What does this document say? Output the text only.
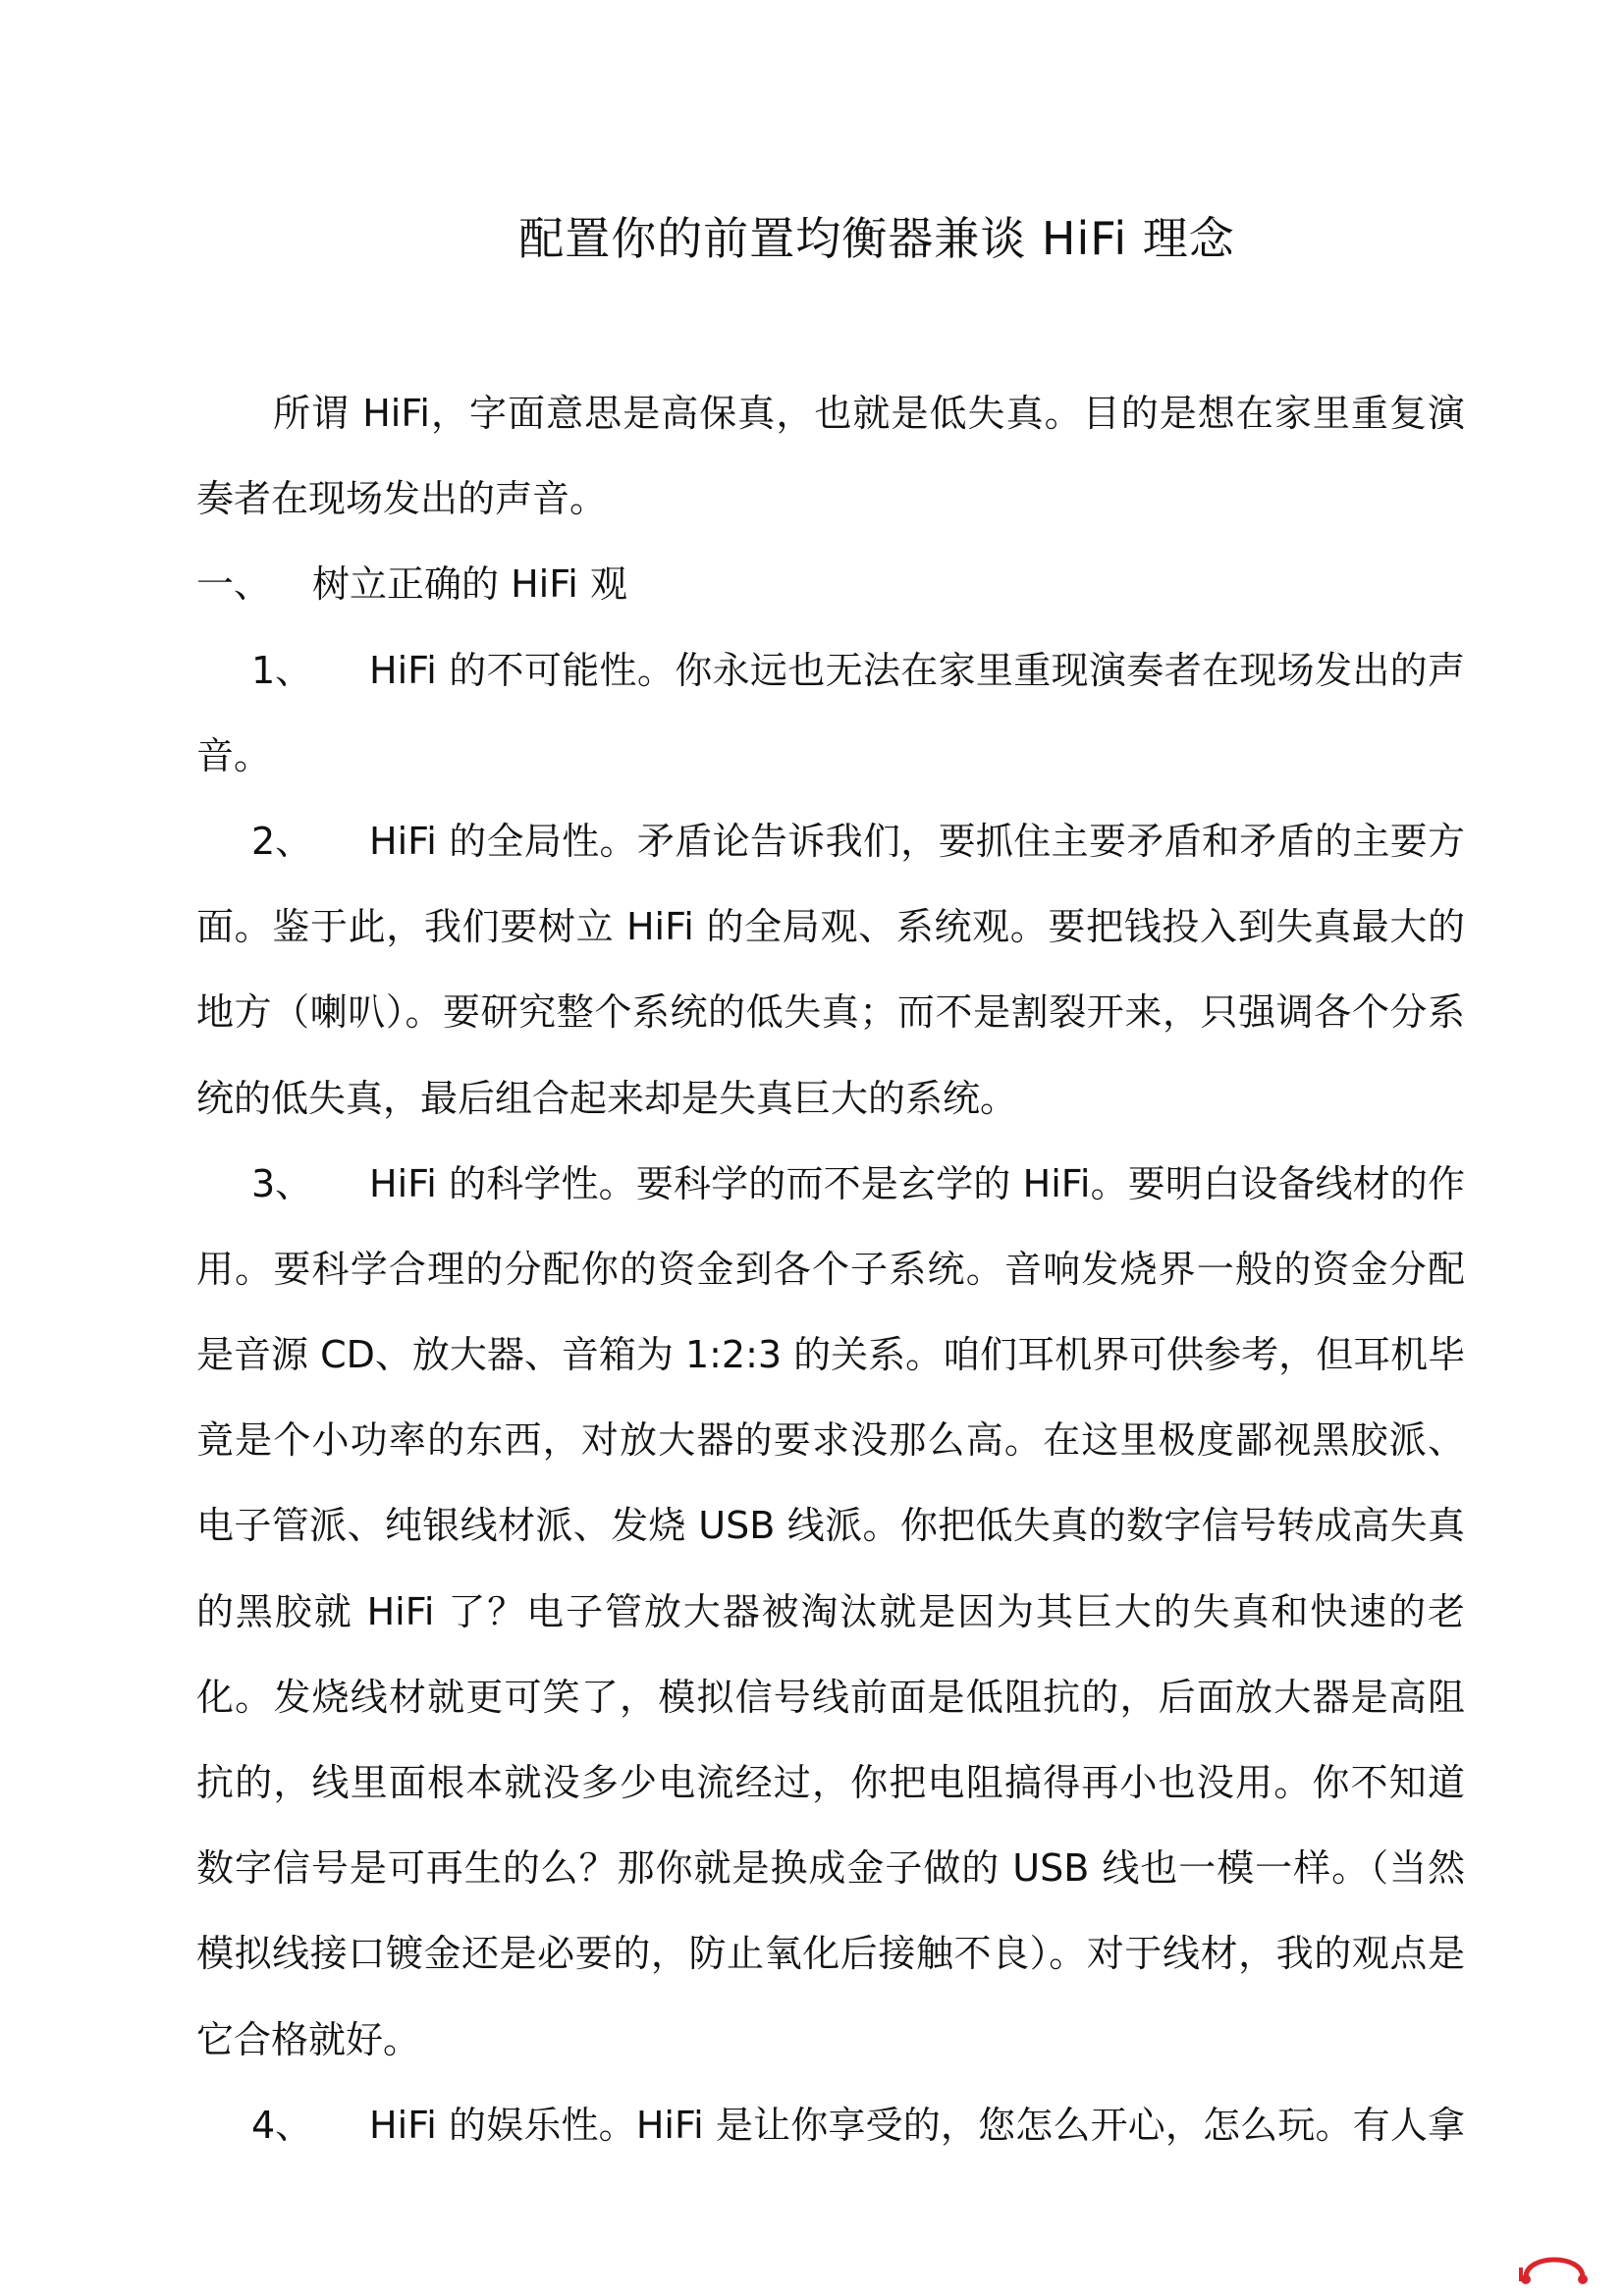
配置你的前置均衡器兼谈 HiFi 理念
所谓 HiFi，字面意思是高保真，也就是低失真。目的是想在家里重复演
奏者在现场发出的声音。
一、 树立正确的 HiFi 观
1、 HiFi 的不可能性。你永远也无法在家里重现演奏者在现场发出的声
音。
2、 HiFi 的全局性。矛盾论告诉我们，要抓住主要矛盾和矛盾的主要方
面。鉴于此，我们要树立 HiFi 的全局观、系统观。要把钱投入到失真最大的
地方（喇叭）。要研究整个系统的低失真；而不是割裂开来，只强调各个分系
统的低失真，最后组合起来却是失真巨大的系统。
3、 HiFi 的科学性。要科学的而不是玄学的 HiFi。要明白设备线材的作
用。要科学合理的分配你的资金到各个子系统。音响发烧界一般的资金分配
是音源 CD、放大器、音箱为 1:2:3 的关系。咱们耳机界可供参考，但耳机毕
竟是个小功率的东西，对放大器的要求没那么高。在这里极度鄙视黑胶派、
电子管派、纯银线材派、发烧 USB 线派。你把低失真的数字信号转成高失真
的黑胶就 HiFi 了？电子管放大器被淘汰就是因为其巨大的失真和快速的老
化。发烧线材就更可笑了，模拟信号线前面是低阻抗的，后面放大器是高阻
抗的，线里面根本就没多少电流经过，你把电阻搞得再小也没用。你不知道
数字信号是可再生的么？那你就是换成金子做的 USB 线也一模一样。（当然
模拟线接口镀金还是必要的，防止氧化后接触不良）。对于线材，我的观点是
它合格就好。
4、 HiFi 的娱乐性。HiFi 是让你享受的，您怎么开心，怎么玩。有人拿
